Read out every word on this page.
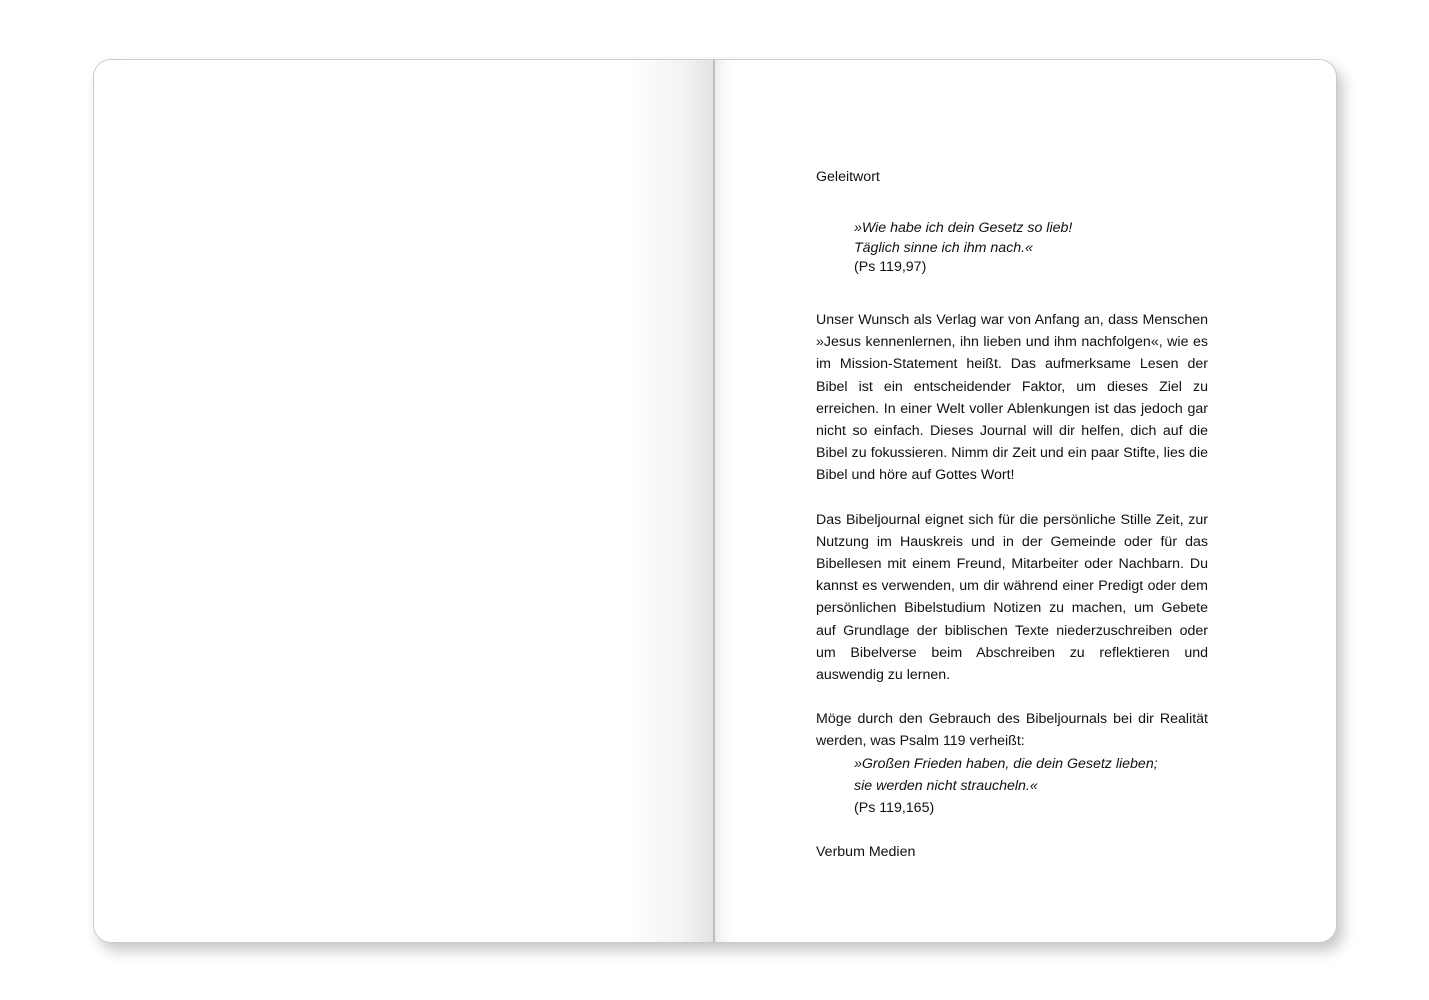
Geleitwort
»Wie habe ich dein Gesetz so lieb!
Täglich sinne ich ihm nach.«
(Ps 119,97)

Unser Wunsch als Verlag war von Anfang an, dass Menschen »Jesus kennenlernen, ihn lieben und ihm nachfolgen«, wie es im Mission-Statement heißt. Das aufmerksame Lesen der Bibel ist ein entscheidender Faktor, um dieses Ziel zu erreichen. In einer Welt voller Ablenkungen ist das jedoch gar nicht so einfach. Dieses Journal will dir helfen, dich auf die Bibel zu fokussieren. Nimm dir Zeit und ein paar Stifte, lies die Bibel und höre auf Gottes Wort!

Das Bibeljournal eignet sich für die persönliche Stille Zeit, zur Nutzung im Hauskreis und in der Gemeinde oder für das Bibellesen mit einem Freund, Mitarbeiter oder Nachbarn. Du kannst es verwenden, um dir während einer Predigt oder dem persönlichen Bibelstudium Notizen zu machen, um Gebete auf Grundlage der biblischen Texte niederzuschreiben oder um Bibelverse beim Abschreiben zu reflektieren und auswendig zu lernen.

Möge durch den Gebrauch des Bibeljournals bei dir Realität werden, was Psalm 119 verheißt:

»Großen Frieden haben, die dein Gesetz lieben;
sie werden nicht straucheln.«
(Ps 119,165)

Verbum Medien
